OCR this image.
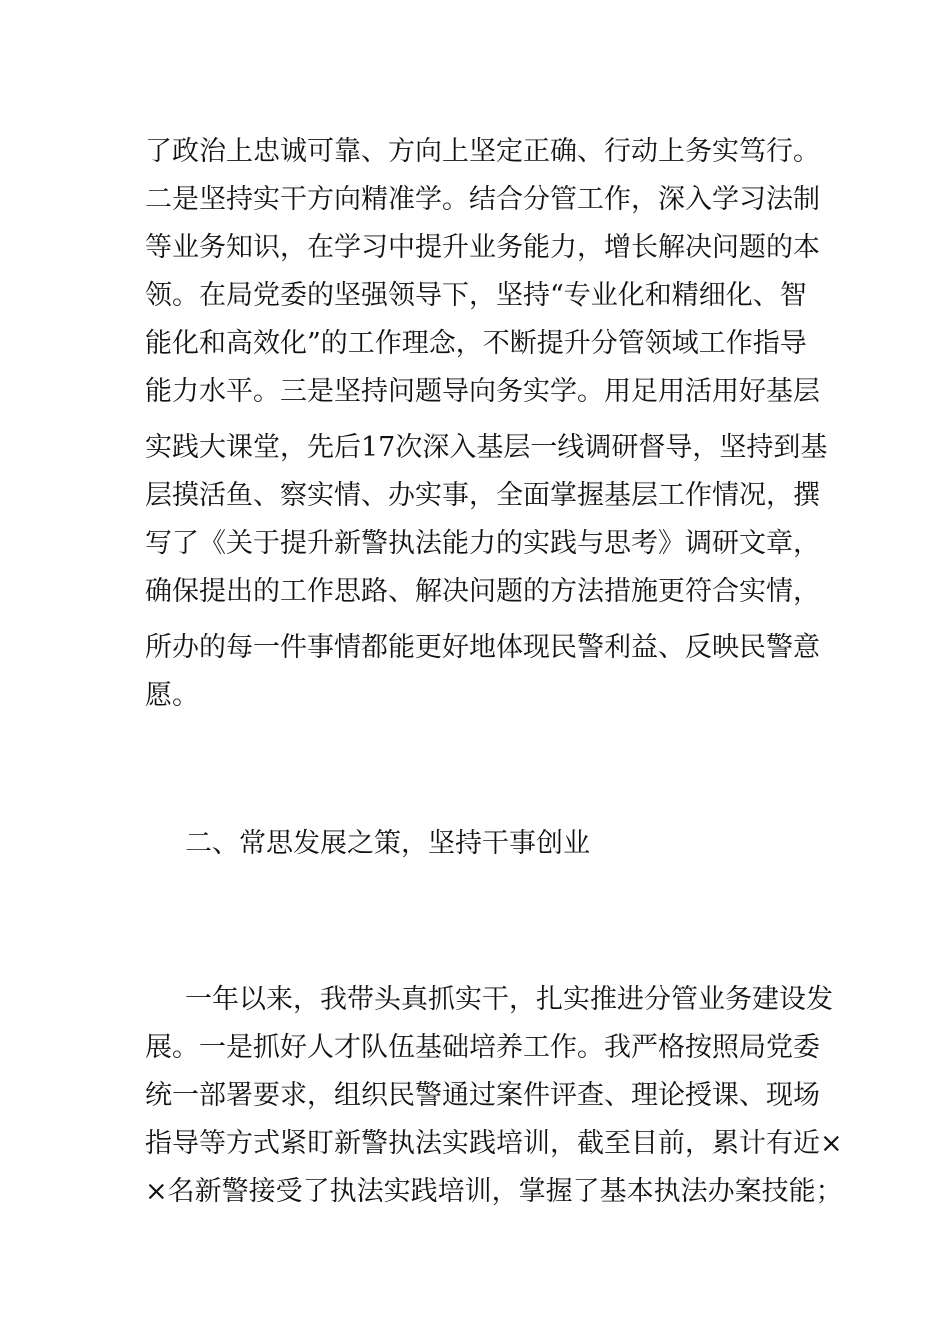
了政治上忠诚可靠、方向上坚定正确、行动上务实笃行。
二是坚持实干方向精准学。结合分管工作，深入学习法制
等业务知识，在学习中提升业务能力，增长解决问题的本
领。在局党委的坚强领导下，坚持“专业化和精细化、智
能化和高效化”的工作理念，不断提升分管领域工作指导
能力水平。三是坚持问题导向务实学。用足用活用好基层
实践大课堂，先后17次深入基层一线调研督导，坚持到基
层摸活鱼、察实情、办实事，全面掌握基层工作情况，撰
写了《关于提升新警执法能力的实践与思考》调研文章，
确保提出的工作思路、解决问题的方法措施更符合实情，
所办的每一件事情都能更好地体现民警利益、反映民警意
愿。
二、常思发展之策，坚持干事创业
一年以来，我带头真抓实干，扎实推进分管业务建设发
展。一是抓好人才队伍基础培养工作。我严格按照局党委
统一部署要求，组织民警通过案件评查、理论授课、现场
指导等方式紧盯新警执法实践培训，截至目前，累计有近×
×名新警接受了执法实践培训，掌握了基本执法办案技能；
